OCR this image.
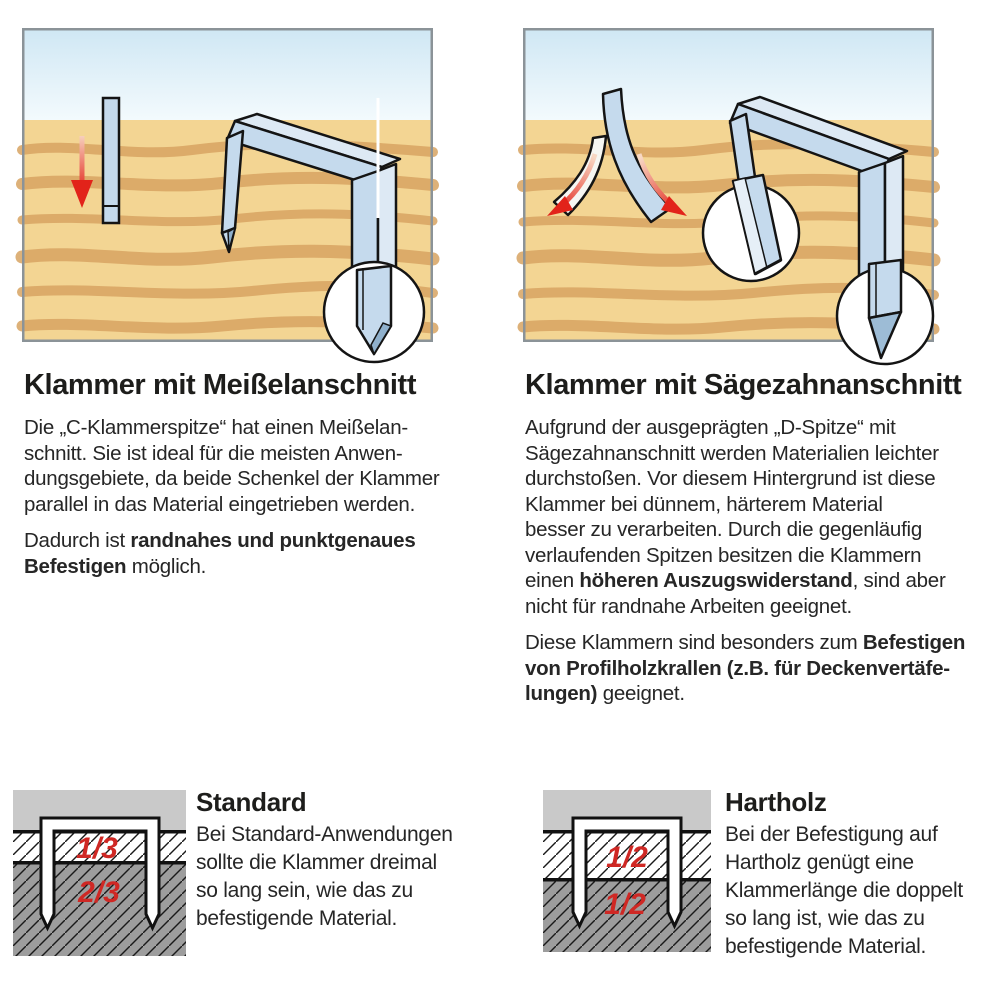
Klammer mit Meißelanschnitt
Die „C-Klammerspitze“ hat einen Meißelan-
schnitt. Sie ist ideal für die meisten Anwen-
dungsgebiete, da beide Schenkel der Klammer
parallel in das Material eingetrieben werden.
Dadurch ist randnahes und punktgenaues
Befestigen möglich.
Klammer mit Sägezahnanschnitt
Aufgrund der ausgeprägten „D-Spitze“ mit
Sägezahnanschnitt werden Materialien leichter
durchstoßen. Vor diesem Hintergrund ist diese
Klammer bei dünnem, härterem Material
besser zu verarbeiten. Durch die gegenläufig
verlaufenden Spitzen besitzen die Klammern
einen höheren Auszugswiderstand, sind aber
nicht für randnahe Arbeiten geeignet.
Diese Klammern sind besonders zum Befestigen
von Profilholzkrallen (z.B. für Deckenvertäfe-
lungen) geeignet.
1/3
2/3
Standard
Bei Standard-Anwendungen
sollte die Klammer dreimal
so lang sein, wie das zu
befestigende Material.
1/2
1/2
Hartholz
Bei der Befestigung auf
Hartholz genügt eine
Klammerlänge die doppelt
so lang ist, wie das zu
befestigende Material.
